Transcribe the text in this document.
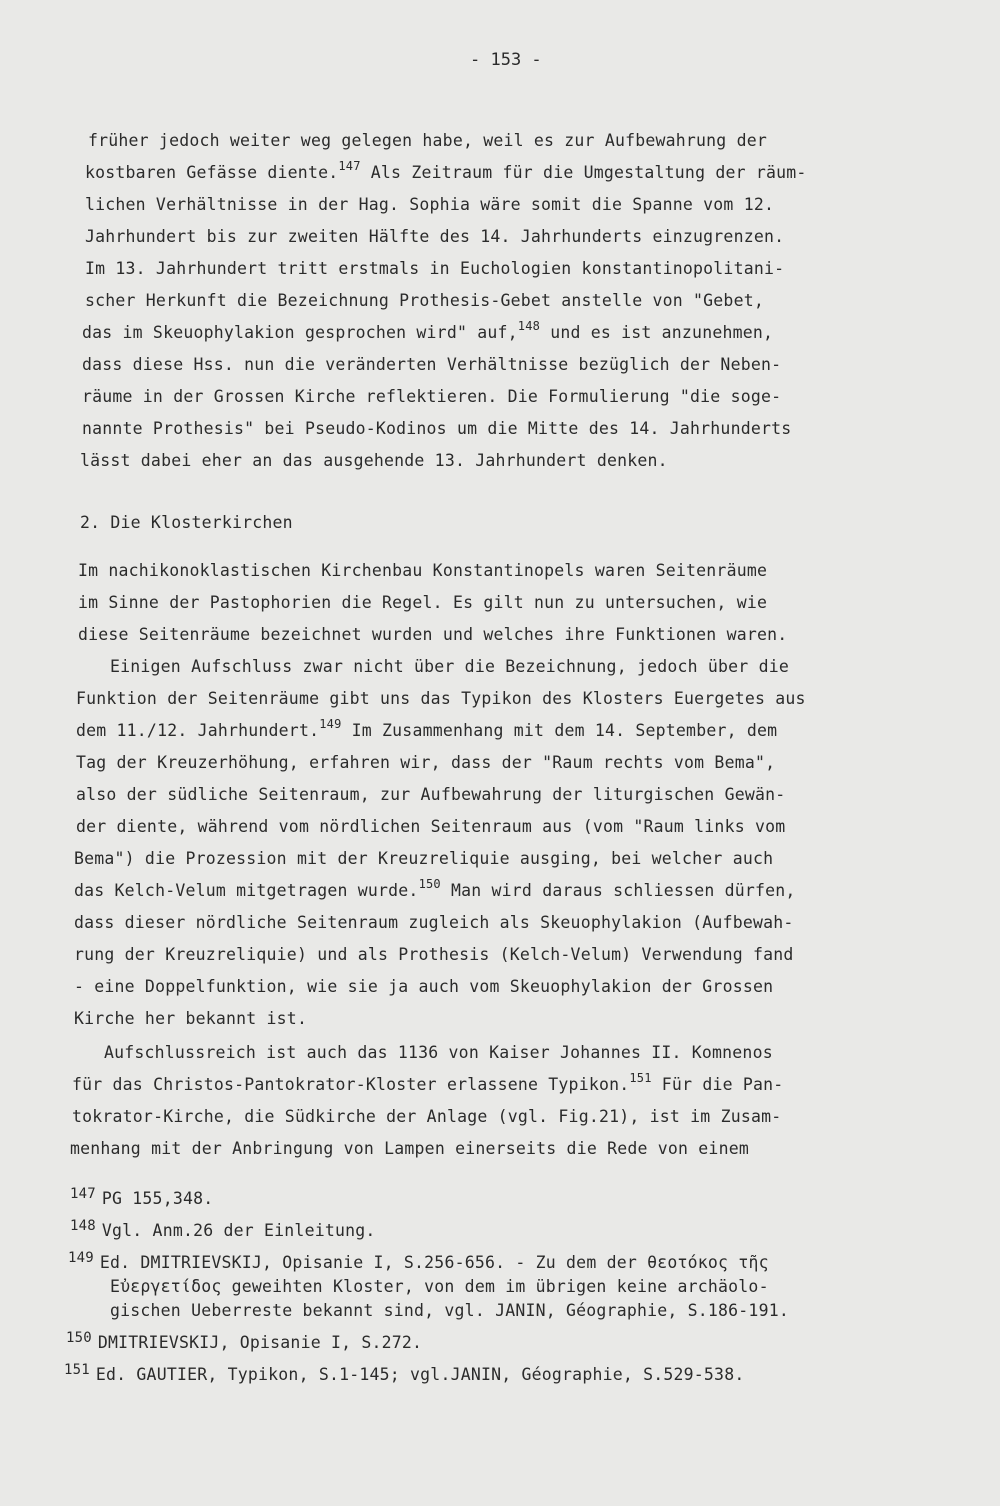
- 153 -
früher jedoch weiter weg gelegen habe, weil es zur Aufbewahrung der
kostbaren Gefässe diente.$^{147}$ Als Zeitraum für die Umgestaltung der räum-
lichen Verhältnisse in der Hag. Sophia wäre somit die Spanne vom 12.
Jahrhundert bis zur zweiten Hälfte des 14. Jahrhunderts einzugrenzen.
Im 13. Jahrhundert tritt erstmals in Euchologien konstantinopolitani-
scher Herkunft die Bezeichnung Prothesis-Gebet anstelle von "Gebet,
das im Skeuophylakion gesprochen wird" auf,$^{148}$ und es ist anzunehmen,
dass diese Hss. nun die veränderten Verhältnisse bezüglich der Neben-
räume in der Grossen Kirche reflektieren. Die Formulierung "die soge-
nannte Prothesis" bei Pseudo-Kodinos um die Mitte des 14. Jahrhunderts
lässt dabei eher an das ausgehende 13. Jahrhundert denken.
2. Die Klosterkirchen
Im nachikonoklastischen Kirchenbau Konstantinopels waren Seitenräume
im Sinne der Pastophorien die Regel. Es gilt nun zu untersuchen, wie
diese Seitenräume bezeichnet wurden und welches ihre Funktionen waren.
Einigen Aufschluss zwar nicht über die Bezeichnung, jedoch über die
Funktion der Seitenräume gibt uns das Typikon des Klosters Euergetes aus
dem 11./12. Jahrhundert.$^{149}$ Im Zusammenhang mit dem 14. September, dem
Tag der Kreuzerhöhung, erfahren wir, dass der "Raum rechts vom Bema",
also der südliche Seitenraum, zur Aufbewahrung der liturgischen Gewän-
der diente, während vom nördlichen Seitenraum aus (vom "Raum links vom
Bema") die Prozession mit der Kreuzreliquie ausging, bei welcher auch
das Kelch-Velum mitgetragen wurde.$^{150}$ Man wird daraus schliessen dürfen,
dass dieser nördliche Seitenraum zugleich als Skeuophylakion (Aufbewah-
rung der Kreuzreliquie) und als Prothesis (Kelch-Velum) Verwendung fand
- eine Doppelfunktion, wie sie ja auch vom Skeuophylakion der Grossen
Kirche her bekannt ist.
Aufschlussreich ist auch das 1136 von Kaiser Johannes II. Komnenos
für das Christos-Pantokrator-Kloster erlassene Typikon.$^{151}$ Für die Pan-
tokrator-Kirche, die Südkirche der Anlage (vgl. Fig.21), ist im Zusam-
menhang mit der Anbringung von Lampen einerseits die Rede von einem
$^{147}$ PG 155,348.
$^{148}$ Vgl. Anm.26 der Einleitung.
$^{149}$ Ed. DMITRIEVSKIJ, Opisanie I, S.256-656. - Zu dem der θεοτόκος τῆς
Εὐεργετίδος geweihten Kloster, von dem im übrigen keine archäolo-
gischen Ueberreste bekannt sind, vgl. JANIN, Géographie, S.186-191.
$^{150}$ DMITRIEVSKIJ, Opisanie I, S.272.
$^{151}$ Ed. GAUTIER, Typikon, S.1-145; vgl.JANIN, Géographie, S.529-538.
